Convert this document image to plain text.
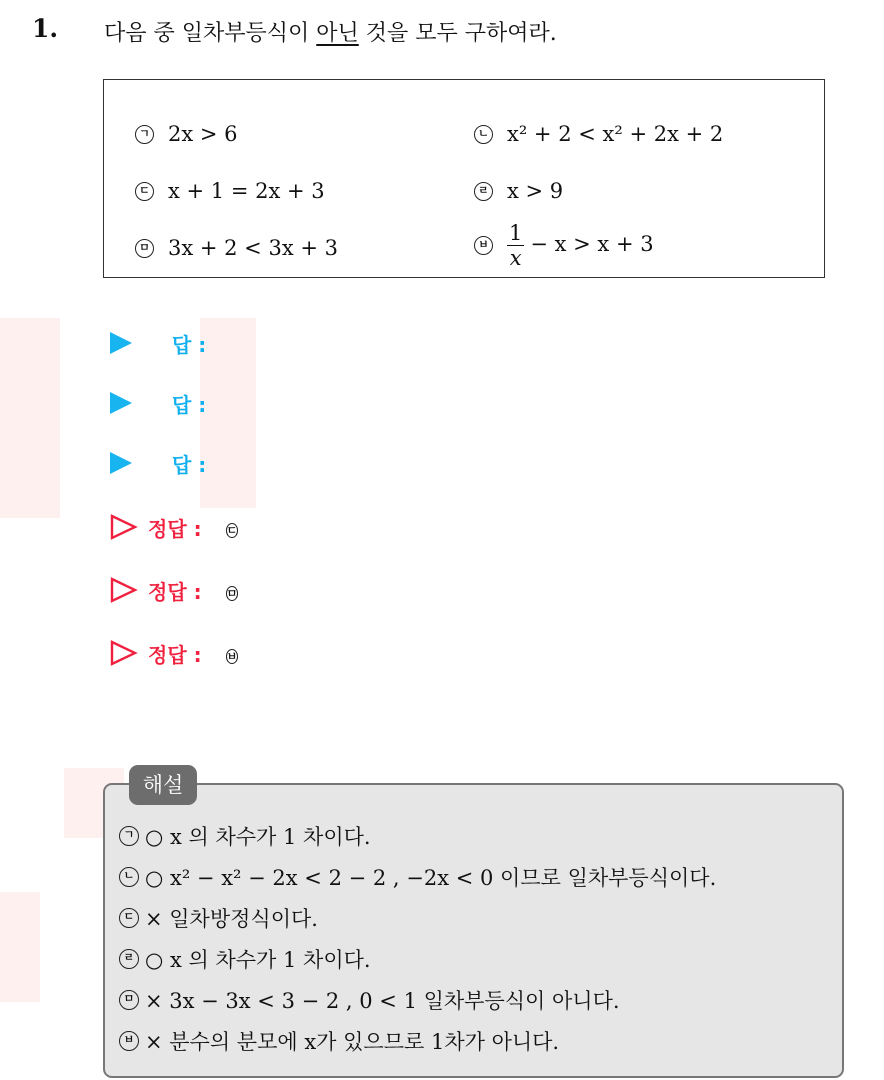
1. 다음 중 일차부등식이 아닌 것을 모두 구하여라.
ㄱ 2x > 6	ㄴ x² + 2 < x² + 2x + 2
ㄷ x + 1 = 2x + 3	ㄹ x > 9
ㅁ 3x + 2 < 3x + 3	ㅂ $\frac{1}{x} - x > x + 3$
답 :
답 :
답 :
정답 : ㄷ
정답 : ㅁ
정답 : ㅂ
해설
ㄱ ○ x 의 차수가 1 차이다.
ㄴ ○ x² − x² − 2x < 2 − 2 , −2x < 0 이므로 일차부등식이다.
ㄷ × 일차방정식이다.
ㄹ ○ x 의 차수가 1 차이다.
ㅁ × 3x − 3x < 3 − 2 , 0 < 1 일차부등식이 아니다.
ㅂ × 분수의 분모에 x가 있으므로 1차가 아니다.
